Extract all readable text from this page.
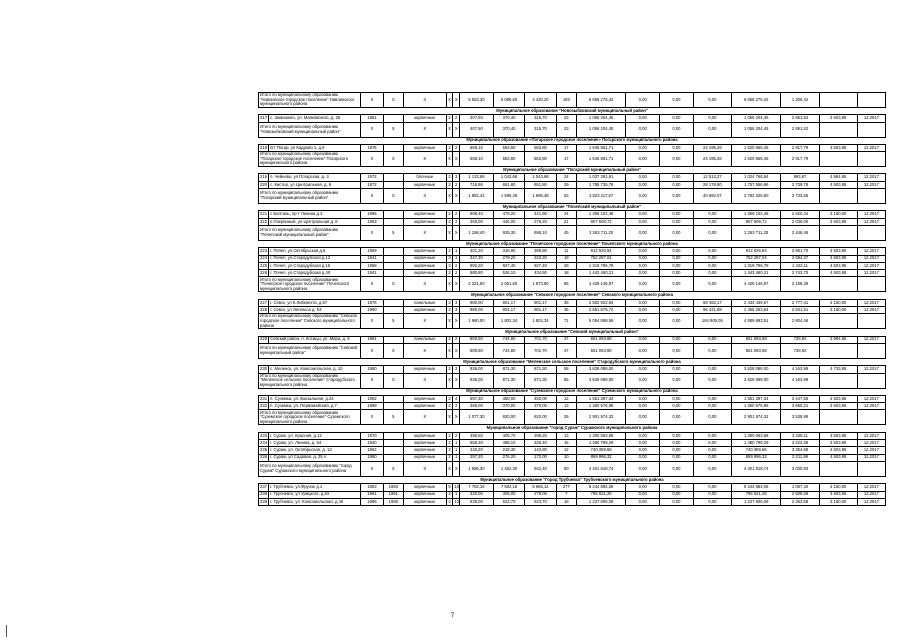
Итого по муниципальному образованию "Навлинское городское поселение" Навлинского муниципального района		X	X	X	X	X	5 563,30	5 096,60	4 430,20	193	6 658 276,42	0,00	0,00	0,00	6 658 276,42	1 306,42		
Муниципальное образование "Новозыбковский муниципальный район"																		
217	с. Замишево, ул. Маяковского, д. 26	1981		кирпичные	2	2	407,50	370,40	315,70	23	1 056 204,45	0,00	0,00	0,00	1 056 204,45	2 851,52	4 503,95	12.2017
Итого по муниципальному образованию "Новозыбковский муниципальный район"		X	X	X	X	X	407,50	370,40	315,70	23	1 056 204,45	0,00	0,00	0,00	1 056 204,45	2 851,52		
Муниципальное образование «Погарское городское поселение» Погарского муниципального района																		
218	пгт Погар, ул Кадрово 1, д.9	1976		кирпичные	2	2	658,10	563,80	563,80	17	1 645 851,71	0,00	0,00	24 195,26	1 620 656,45	2 917,79	4 503,95	12.2017
Итого по муниципальному образованию "Погарское городское поселение" Погарского муниципального района		X	X	X	X	X	658,10	563,80	563,80	17	1 645 851,71	0,00	0,00	24 195,26	1 620 656,45	2 917,79		
Муниципальное образование "Погарский муниципальный район"																		
219	п. Чейнево, ул Погарская, д. 3	1972		блочные	2	3	1 133,68	1 043,68	1 043,68	24	1 037 381,91	0,00	0,00	12 513,27	1 024 768,64	993,87	4 984,65	12.2017
220	с. Кистер, ул Центральная, д. 6	1972		кирпичные	2	2	718,86	651,80	651,80	29	1 785 735,76	0,00	0,00	28 178,80	1 757 556,96	2 739,78	4 503,95	12.2017
Итого по муниципальному образованию "Погарский муниципальный район"		X	X	X	X	X	1 852,42	1 695,48	1 695,48	53	2 823 117,67	0,00	0,00	40 692,07	2 782 325,60	3 733,65		
Муниципальное образование "Почепский муниципальный район"																		
221	с Балтань, пр-т Ленина д.3	1985		кирпичные	2	2	698,40	479,20	421,90	24	1 359 102,48	0,00	0,00	0,00	1 359 102,48	2 820,34	4 180,00	12.2017
222	п Озерянный, ул Центральная д. 8	1963		кирпичные	2	2	460,00	446,00	276,20	21	907 608,72	0,00	0,00	0,00	907 608,72	2 035,00	4 503,95	12.2017
Итого по муниципальному образованию "Почепский муниципальный район"		X	X	X	X	X	1 158,40	925,30	698,10	45	2 263 711,20	0,00	0,00	0,00	2 263 711,20	2 446,46		
Муниципальное образование "Почепское городское поселение" Почепского муниципального района																		
223	г. Почеп, ул.Октябрьская д.6	1959		кирпичные	2	1	401,20	318,90	288,80	11	912 626,94	0,00	0,00	0,00	912 626,94	2 861,70	4 503,95	12.2017
224	г. Почеп, ул.Стародубская д.12	1941		кирпичные	3	1	347,30	279,20	243,20	19	752 287,04	0,00	0,00	0,00	752 287,04	2 694,37	4 503,95	12.2017
225	г. Почеп, ул.Стародубская д.15	1968		кирпичные	3	2	992,20	927,40	927,40	28	1 319 796,78	0,00	0,00	0,00	1 319 796,78	1 423,11	4 503,95	12.2017
226	г. Почеп, ул.Стародубская д.40	1941		кирпичные	2	2	580,80	526,10	434,50	18	1 443 460,21	0,00	0,00	0,00	1 443 460,21	2 743,70	4 503,95	12.2017
Итого по муниципальному образованию "Почепское городское поселение" Почепского муниципального района		X	X	X	X	X	2 321,50	2 051,60	1 873,90	86	4 428 146,97	0,00	0,00	0,00	4 428 146,97	2 158,39		
Муниципальное образование "Севское городское поселение" Севского муниципального района																		
227	г. Севск, ул К.Либкнехта, д.67	1976		панельные	2	3	980,00	901,17	901,17	36	2 502 922,84	0,00	0,00	68 483,17	2 434 439,67	2 777,41	4 180,00	12.2017
228	г. Севск, ул Энгельса д. 53	1990		кирпичные	2	3	980,00	901,17	901,17	35	2 551 675,72	0,00	0,00	96 421,88	2 455 253,84	2 831,51	4 180,00	12.2017
Итого по муниципальному образованию "Севское городское поселение" Севского муниципального района		X	X	X	X	X	1 960,00	1 802,34	1 802,34	71	5 054 598,56	0,00	0,00	164 905,05	4 889 693,51	2 804,46		
Муниципальное образование "Севский муниципальный район"																		
229	Севский район, п. Косицы, ул. Мира, д. 5	1964		панельные	2	2	800,60	744,80	701,70	37	551 093,68	0,00	0,00	0,00	551 093,68	739,92	4 984,65	12.2017
Итого по муниципальному образованию "Севский муниципальный район"		X	X	X	X	X	800,60	744,80	701,70	37	551 093,68	0,00	0,00	0,00	551 093,68	739,92		
Муниципальное образование "Меленское сельское поселение" Стародубского муниципального района																		
230	с. Меленск, ул. Комсомольская, д. 10	1980		кирпичные	2	3	936,00	871,30	871,30	55	3 628 088,00	0,00	0,00	0,00	3 628 088,00	4 163,99	4 733,85	12.2017
Итого по муниципальному образованию "Меленское сельское поселение" Стародубского муниципального района		X	X	X	X	X	936,00	871,30	871,30	55	3 628 088,00	0,00	0,00	0,00	3 628 088,00	4 163,99		
Муниципальное образование "Суземское городское поселение" Суземского муниципального района																		
231	п. Суземка, ул. Вокзальная, д.24	1952		кирпичные	2	4	597,30	450,00	450,00	12	1 551 397,34	0,00	0,00	0,00	1 551 397,34	3 447,55	4 503,95	12.2017
232	п. Суземка, ул. Первомайская, д.7	1989		кирпичные	2	2	480,00	370,00	370,00	13	1 350 576,98	0,00	0,00	0,00	1 350 576,98	3 650,21	4 503,95	12.2017
Итого по муниципальному образованию "Суземское городское поселение" Суземского муниципального района		X	X	X	X	X	1 077,30	820,00	820,00	25	2 901 974,32	0,00	0,00	0,00	2 901 974,32	3 538,99		
Муниципальное образование "город Сураж" Суражского муниципального района																		
233	г. Сураж, ул. Красная, д.12	1970		кирпичные	2	2	490,50	405,70	298,20	13	1 300 063,68	0,00	0,00	0,00	1 300 063,68	3 328,11	4 503,95	12.2017
234	г. Сураж, ул. Ленина, д. 54	1940		кирпичные	2	1	556,30	498,10	326,40	15	1 480 799,29	0,00	0,00	0,00	1 480 799,29	3 222,36	4 503,95	12.2017
235	г. Сураж, ул. Октябрьская, д. 13	1962		кирпичные	2	1	240,20	218,30	143,80	12	740 359,56	0,00	0,00	0,00	740 359,56	3 354,68	4 503,95	12.2017
236	г. Сураж, ул Садовая, д. 25 А	1960		кирпичные	2	1	297,20	276,20	173,00	10	869 996,32	0,00	0,00	0,00	869 996,32	3 211,99	4 503,95	12.2017
Итого по муниципальному образованию "город Сураж" Суражского муниципального района		X	X	X	X	X	1 586,30	1 452,30	942,40	50	4 401 818,74	0,00	0,00	0,00	4 401 818,74	3 030,93		
Муниципальное образование "Город Трубчевск" Трубчевского муниципального района																		
237	г. Трубчевск, ул.Фрунзе д.1	1963	1983	кирпичные	5	10	7 782,16	7 582,18	6 966,14	277	8 244 884,06	0,00	0,00	0,00	8 244 884,06	1 087,40	4 180,00	12.2017
238	г. Трубчевск, ул Урицкого, д.63	1961	1961	кирпичные	2	1	320,00	305,00	278,00	7	795 621,26	0,00	0,00	0,00	795 621,26	2 508,59	4 503,95	12.2017
239	г. Трубчевск, ул. Комсомольская, д.40	1986	1985	кирпичные	4	12	639,00	523,70	523,70	18	1 237 806,09	0,00	0,00	0,00	1 237 806,09	2 363,58	4 180,00	12.2017
7
